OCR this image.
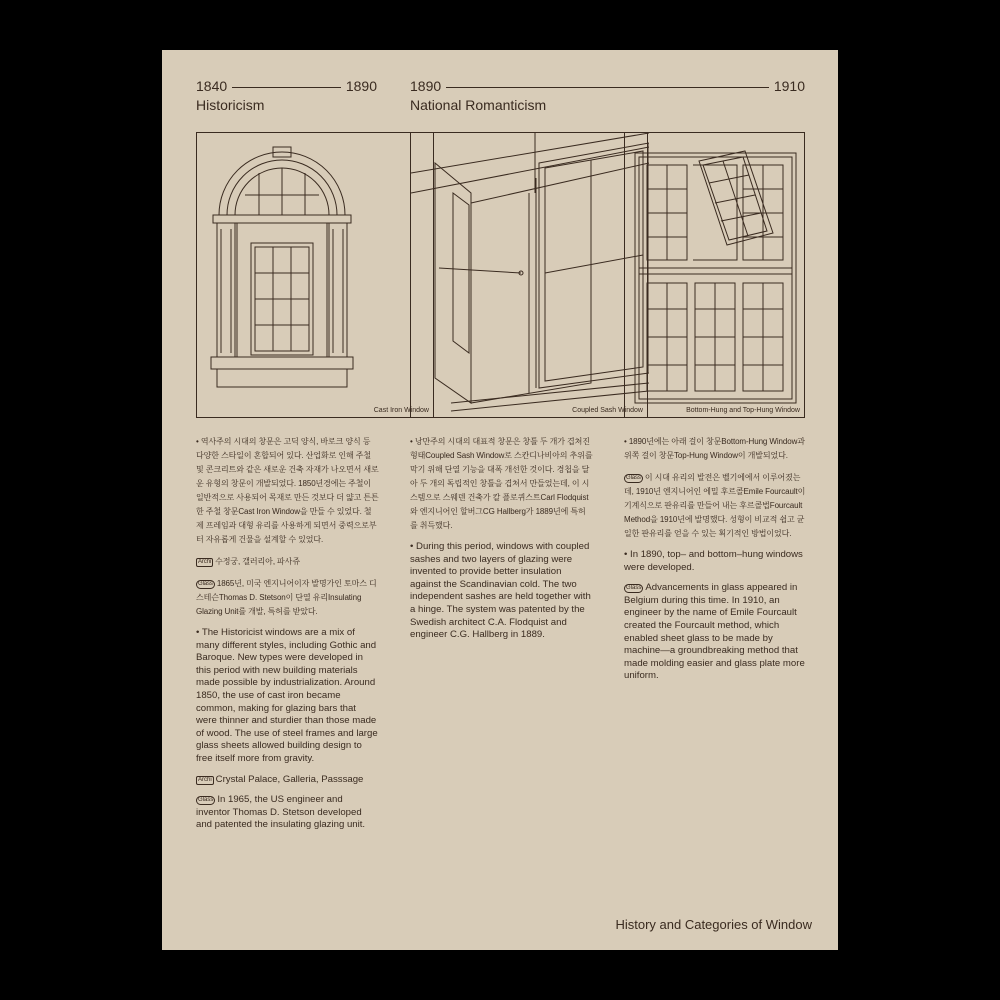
1840	1890
Historicism
1890	1910
National Romanticism
Cast Iron Window	Coupled Sash Window	Bottom-Hung and Top-Hung Window

• 역사주의 시대의 창문은 고딕 양식, 바로크 양식 등 다양한 스타일이 혼합되어 있다. 산업화로 인해 주철 및 콘크리트와 같은 새로운 건축 자재가 나오면서 새로운 유형의 창문이 개발되었다. 1850년경에는 주철이 일반적으로 사용되어 목재로 만든 것보다 더 얇고 튼튼한 주철 창문Cast Iron Window을 만들 수 있었다. 철제 프레임과 대형 유리를 사용하게 되면서 중력으로부터 자유롭게 건물을 설계할 수 있었다.

Archi 수정궁, 갤러리아, 파사쥬

Glass 1865년, 미국 엔지니어이자 발명가인 토마스 디 스테슨Thomas D. Stetson이 단열 유리Insulating Glazing Unit를 개발, 특허를 받았다.

• The Historicist windows are a mix of many different styles, including Gothic and Baroque. New types were developed in this period with new building materials made possible by industrialization. Around 1850, the use of cast iron became common, making for glazing bars that were thinner and sturdier than those made of wood. The use of steel frames and large glass sheets allowed building design to free itself more from gravity.

Archi Crystal Palace, Galleria, Passsage

Glass In 1965, the US engineer and inventor Thomas D. Stetson developed and patented the insulating glazing unit.

• 낭만주의 시대의 대표적 창문은 창틀 두 개가 겹쳐진 형태Coupled Sash Window로 스칸디나비아의 추위를 막기 위해 단열 기능을 대폭 개선한 것이다. 경첩을 달아 두 개의 독립적인 창틀을 겹쳐서 만들었는데, 이 시스템으로 스웨덴 건축가 칼 플로퀴스트Carl Flodquist와 엔지니어인 할버그CG Hallberg가 1889년에 특허를 취득했다.

• During this period, windows with coupled sashes and two layers of glazing were invented to provide better insulation against the Scandinavian cold. The two independent sashes are held together with a hinge. The system was patented by the Swedish architect C.A. Flodquist and engineer C.G. Hallberg in 1889.

• 1890년에는 아래 걸이 창문Bottom-Hung Window과 위쪽 걸이 창문Top-Hung Window이 개발되었다.

Glass 이 시대 유리의 발전은 벨기에에서 이루어졌는데, 1910년 엔지니어인 에밀 후르콜Emile Fourcault이 기계식으로 판유리를 만들어 내는 후르콜법Fourcault Method을 1910년에 발명했다. 성형이 비교적 쉽고 균일한 판유리를 얻을 수 있는 획기적인 방법이었다.

• In 1890, top– and bottom–hung windows were developed.

Glass Advancements in glass appeared in Belgium during this time. In 1910, an engineer by the name of Emile Fourcault created the Fourcault method, which enabled sheet glass to be made by machine—a groundbreaking method that made molding easier and glass plate more uniform.

History and Categories of Window
